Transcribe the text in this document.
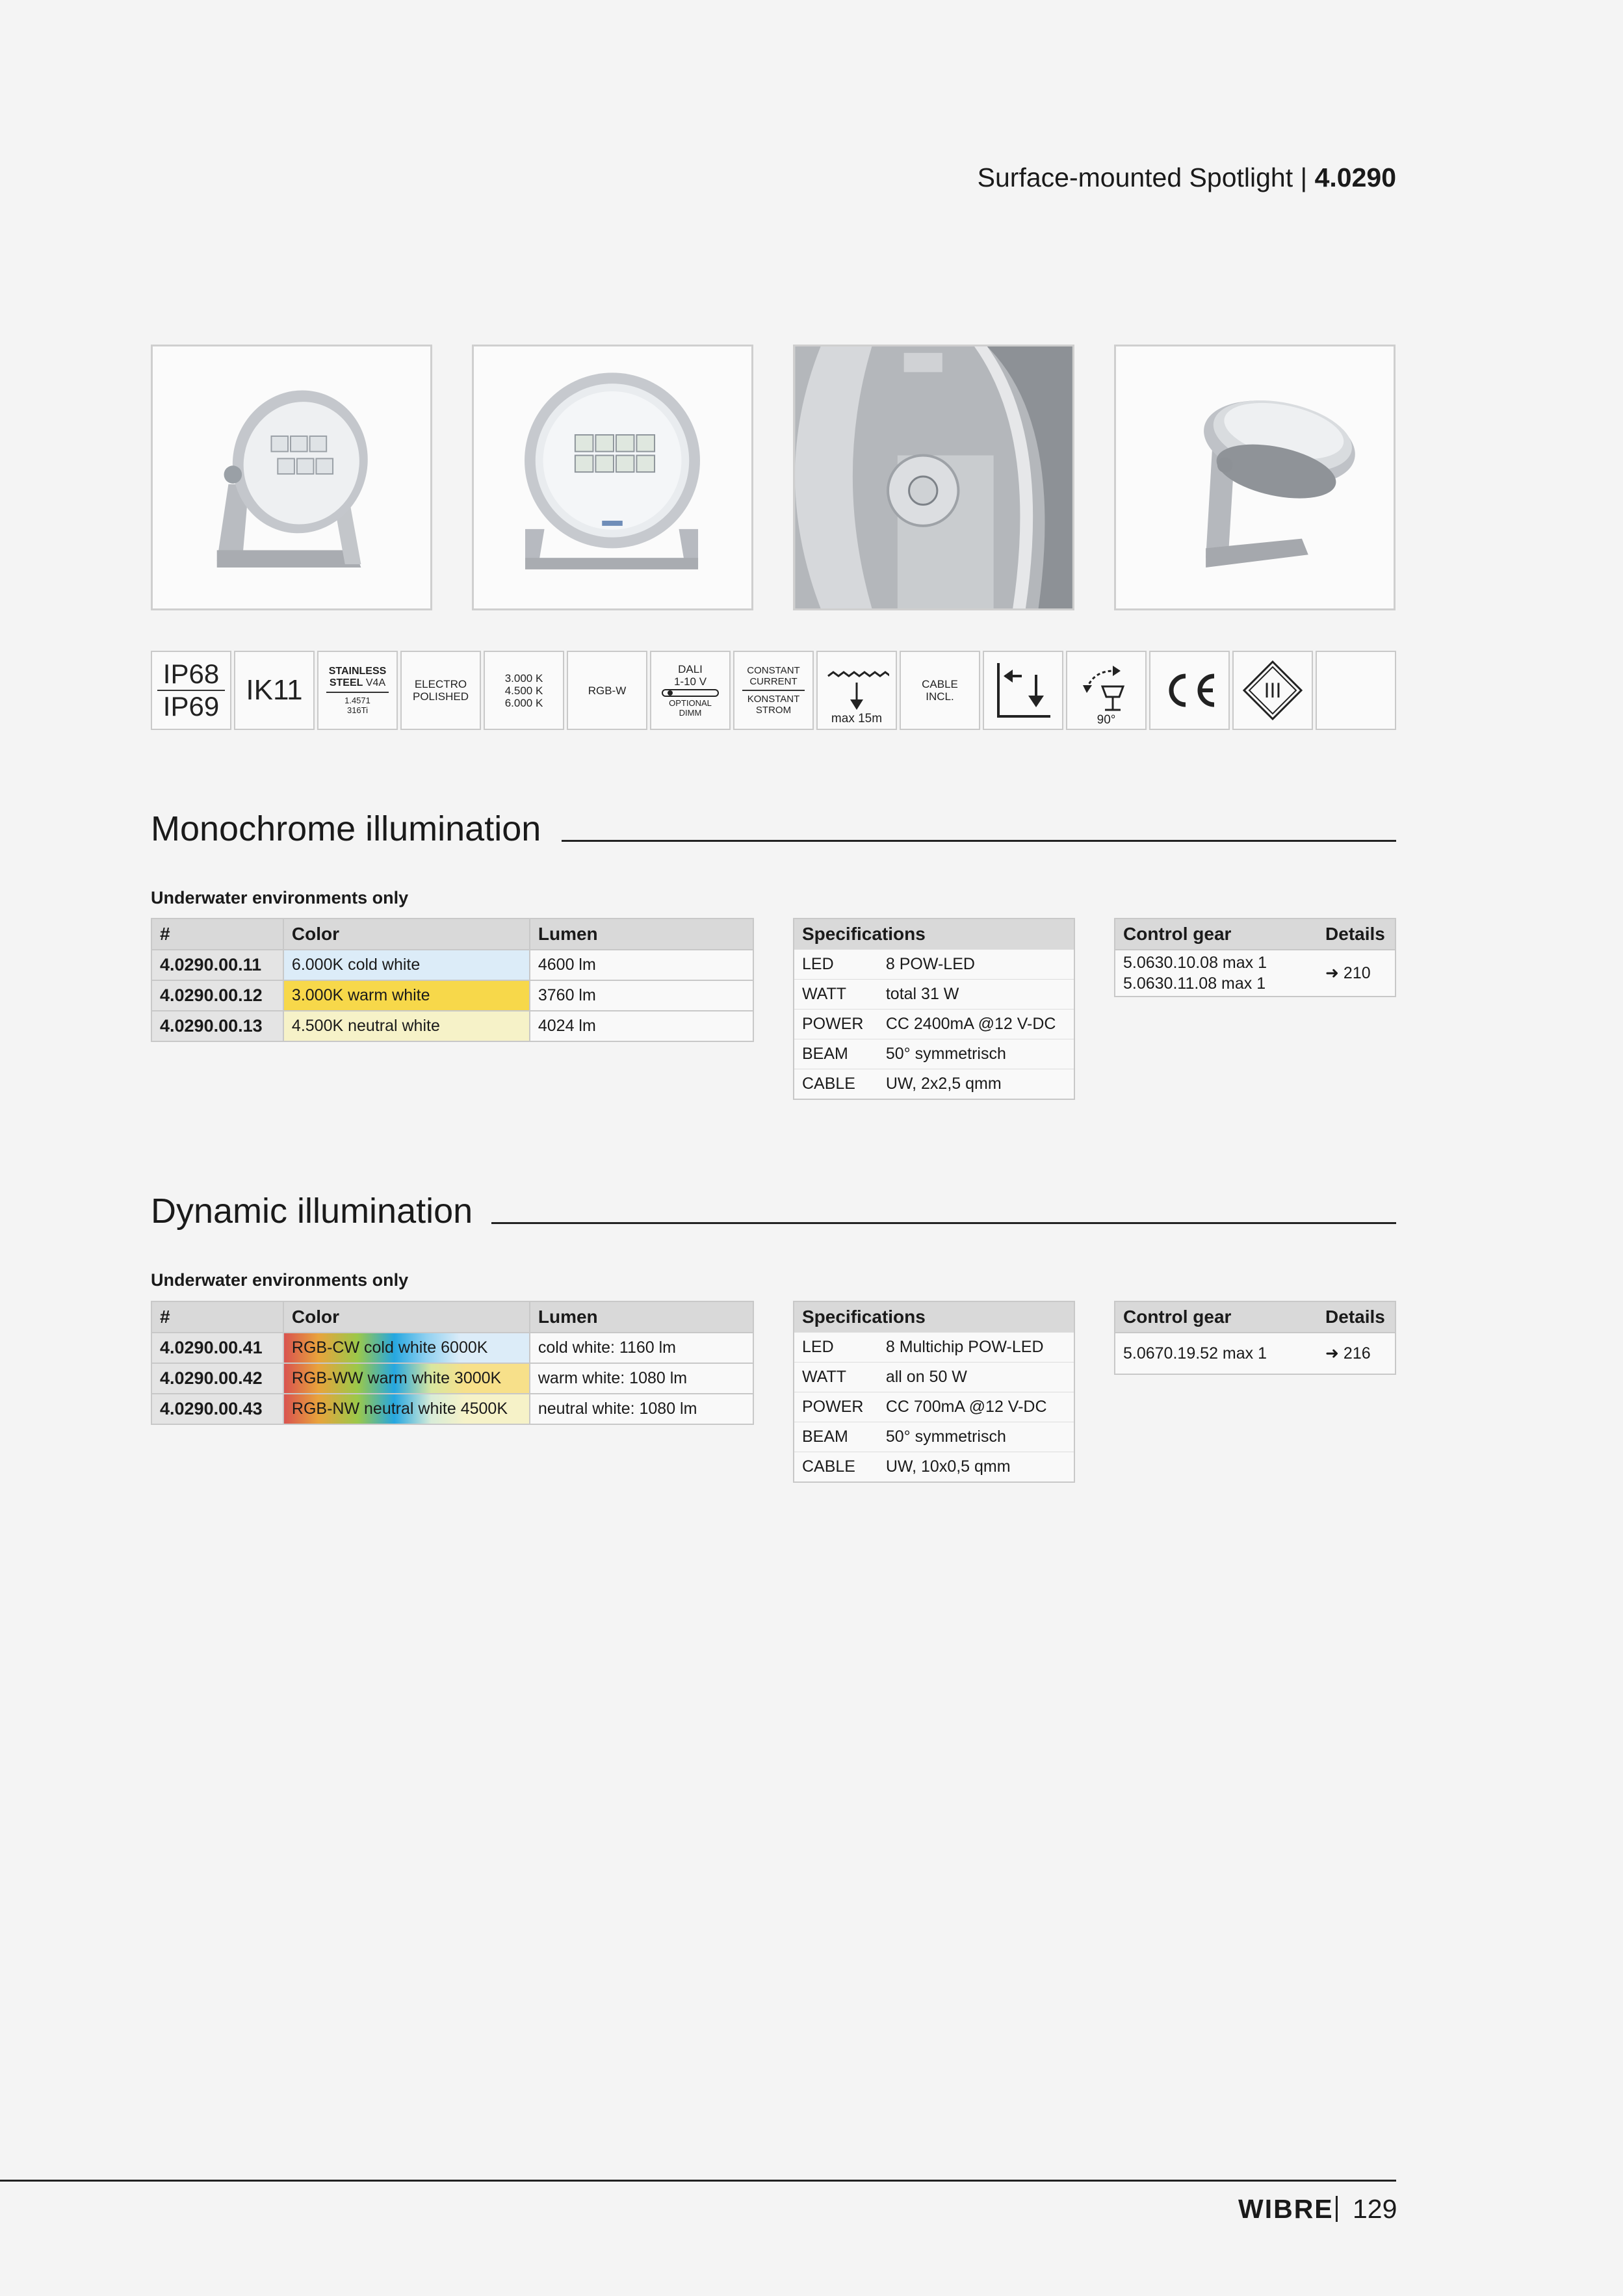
Surface-mounted Spotlight | 4.0290
IP68
IP69
IK11
STAINLESS
STEEL V4A
1.4571
316Ti
ELECTRO
POLISHED
3.000 K
4.500 K
6.000 K
RGB-W
DALI
1-10 V
OPTIONAL
DIMM
CONSTANT
CURRENT
KONSTANT
STROM
max 15m
CABLE
INCL.
90°
CE
III
Monochrome illumination
Underwater environments only
#	Color	Lumen
4.0290.00.11	6.000K cold white	4600 lm
4.0290.00.12	3.000K warm white	3760 lm
4.0290.00.13	4.500K neutral white	4024 lm
Specifications	
LED	8 POW-LED
WATT	total 31 W
POWER	CC 2400mA @12 V-DC
BEAM	50° symmetrisch
CABLE	UW, 2x2,5 qmm
Control gear	Details

5.0630.10.08 max 1
5.0630.11.08 max 1	➜ 210
Dynamic illumination
Underwater environments only
#	Color	Lumen
4.0290.00.41	RGB-CW cold white 6000K	cold white: 1160 lm
4.0290.00.42	RGB-WW warm white 3000K	warm white: 1080 lm
4.0290.00.43	RGB-NW neutral white 4500K	neutral white: 1080 lm
Specifications	
LED	8 Multichip POW-LED
WATT	all on 50 W
POWER	CC 700mA @12 V-DC
BEAM	50° symmetrisch
CABLE	UW, 10x0,5 qmm
Control gear	Details
5.0670.19.52 max 1	➜ 216
WIBRE 129
